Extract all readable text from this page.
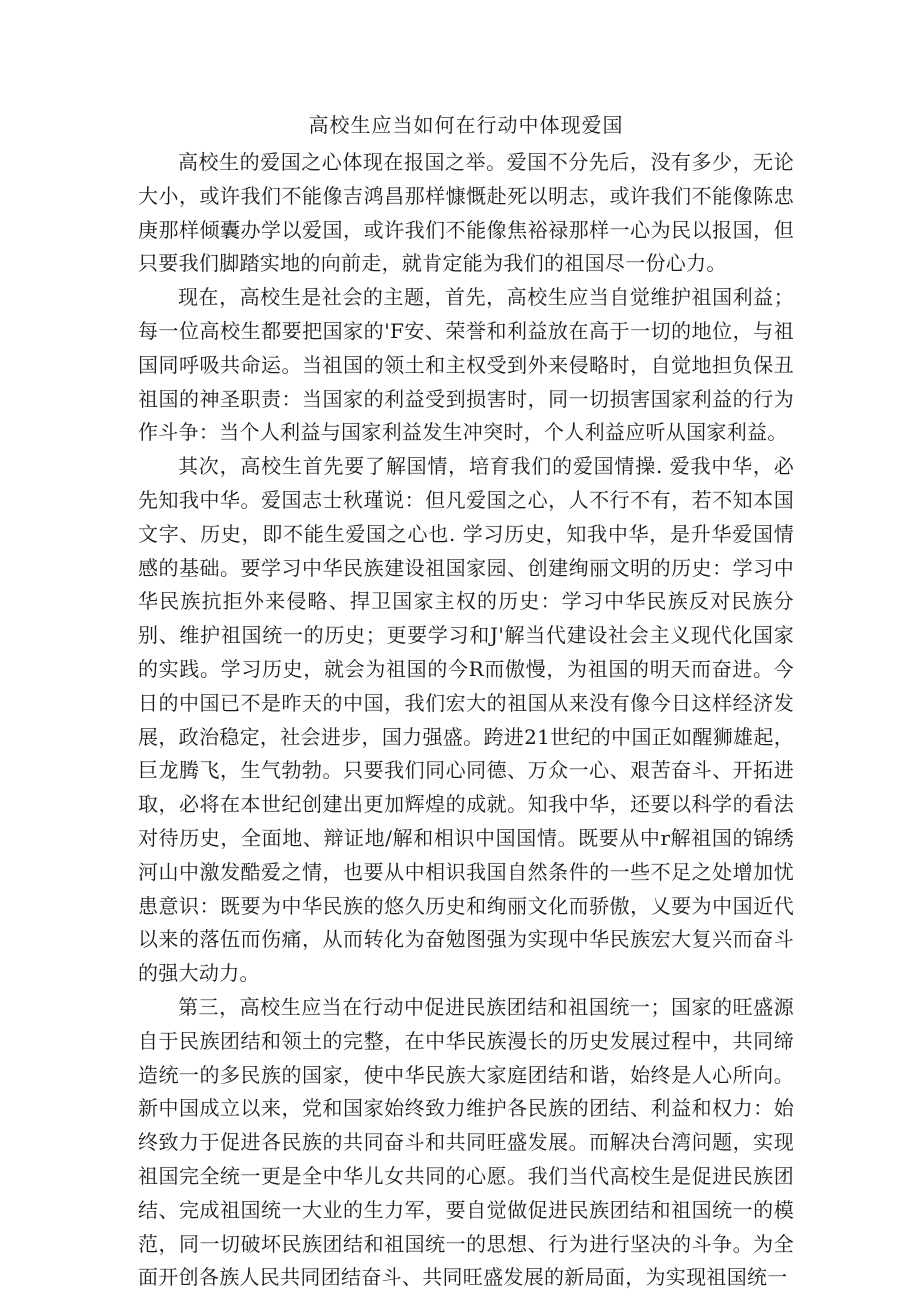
高校生应当如何在行动中体现爱国

高校生的爱国之心体现在报国之举。爱国不分先后，没有多少，无论大小，或许我们不能像吉鸿昌那样慷慨赴死以明志，或许我们不能像陈忠庚那样倾囊办学以爱国，或许我们不能像焦裕禄那样一心为民以报国，但只要我们脚踏实地的向前走，就肯定能为我们的祖国尽一份心力。

现在，高校生是社会的主题，首先，高校生应当自觉维护祖国利益；每一位高校生都要把国家的'F安、荣誉和利益放在高于一切的地位，与祖国同呼吸共命运。当祖国的领土和主权受到外来侵略时，自觉地担负保丑祖国的神圣职责：当国家的利益受到损害时，同一切损害国家利益的行为作斗争：当个人利益与国家利益发生冲突时，个人利益应听从国家利益。

其次，高校生首先要了解国情，培育我们的爱国情操. 爱我中华，必先知我中华。爱国志士秋瑾说：但凡爱国之心，人不行不有，若不知本国文字、历史，即不能生爱国之心也. 学习历史，知我中华，是升华爱国情感的基础。要学习中华民族建设祖国家园、创建绚丽文明的历史：学习中华民族抗拒外来侵略、捍卫国家主权的历史：学习中华民族反对民族分别、维护祖国统一的历史；更要学习和J'解当代建设社会主义现代化国家的实践。学习历史，就会为祖国的今R而傲慢，为祖国的明天而奋进。今日的中国已不是昨天的中国，我们宏大的祖国从来没有像今日这样经济发展，政治稳定，社会进步，国力强盛。跨进21世纪的中国正如醒狮雄起，巨龙腾飞，生气勃勃。只要我们同心同德、万众一心、艰苦奋斗、开拓进取，必将在本世纪创建出更加辉煌的成就。知我中华，还要以科学的看法对待历史，全面地、辩证地/解和相识中国国情。既要从中r解祖国的锦绣河山中激发酷爱之情，也要从中相识我国自然条件的一些不足之处增加忧患意识：既要为中华民族的悠久历史和绚丽文化而骄傲，乂要为中国近代以来的落伍而伤痛，从而转化为奋勉图强为实现中华民族宏大复兴而奋斗的强大动力。

第三，高校生应当在行动中促进民族团结和祖国统一；国家的旺盛源自于民族团结和领土的完整，在中华民族漫长的历史发展过程中，共同缔造统一的多民族的国家，使中华民族大家庭团结和谐，始终是人心所向。新中国成立以来，党和国家始终致力维护各民族的团结、利益和权力：始终致力于促进各民族的共同奋斗和共同旺盛发展。而解决台湾问题，实现祖国完全统一更是全中华儿女共同的心愿。我们当代高校生是促进民族团结、完成祖国统一大业的生力军，要自觉做促进民族团结和祖国统一的模范，同一切破坏民族团结和祖国统一的思想、行为进行坚决的斗争。为全面开创各族人民共同团结奋斗、共同旺盛发展的新局面，为实现祖国统一
